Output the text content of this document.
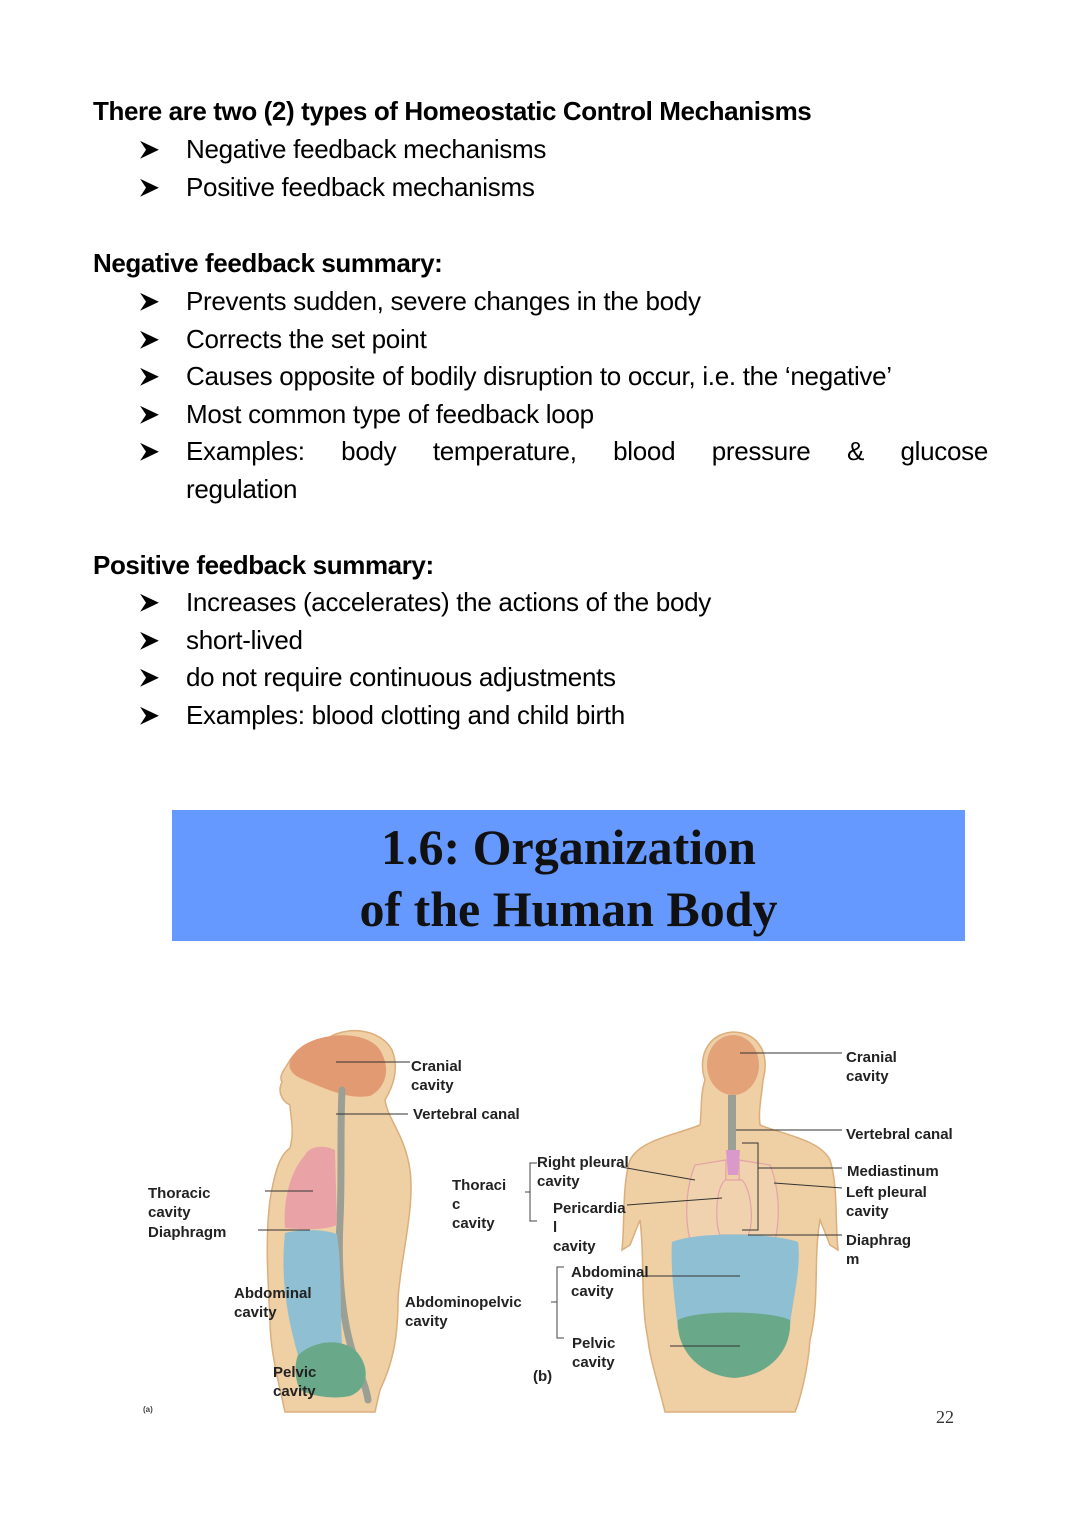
There are two (2) types of Homeostatic Control Mechanisms
Negative feedback mechanisms
Positive feedback mechanisms
Negative feedback summary:
Prevents sudden, severe changes in the body
Corrects the set point
Causes opposite of bodily disruption to occur, i.e. the ‘negative’
Most common type of feedback loop
Examples: body temperature, blood pressure & glucose
regulation
Positive feedback summary:
Increases (accelerates) the actions of the body
short-lived
do not require continuous adjustments
Examples: blood clotting and child birth
1.6: Organization
of the Human Body
Cranial
cavity
Vertebral canal
Thoracic
cavity
Diaphragm
Abdominal
cavity
Pelvic
cavity
(a)
Thoraci
c
cavity
Abdominopelvic
cavity
Right pleural
cavity
Pericardia
l
cavity
Abdominal
cavity
Pelvic
cavity
(b)
Cranial
cavity
Vertebral canal
Mediastinum
Left pleural
cavity
Diaphrag
m
22
